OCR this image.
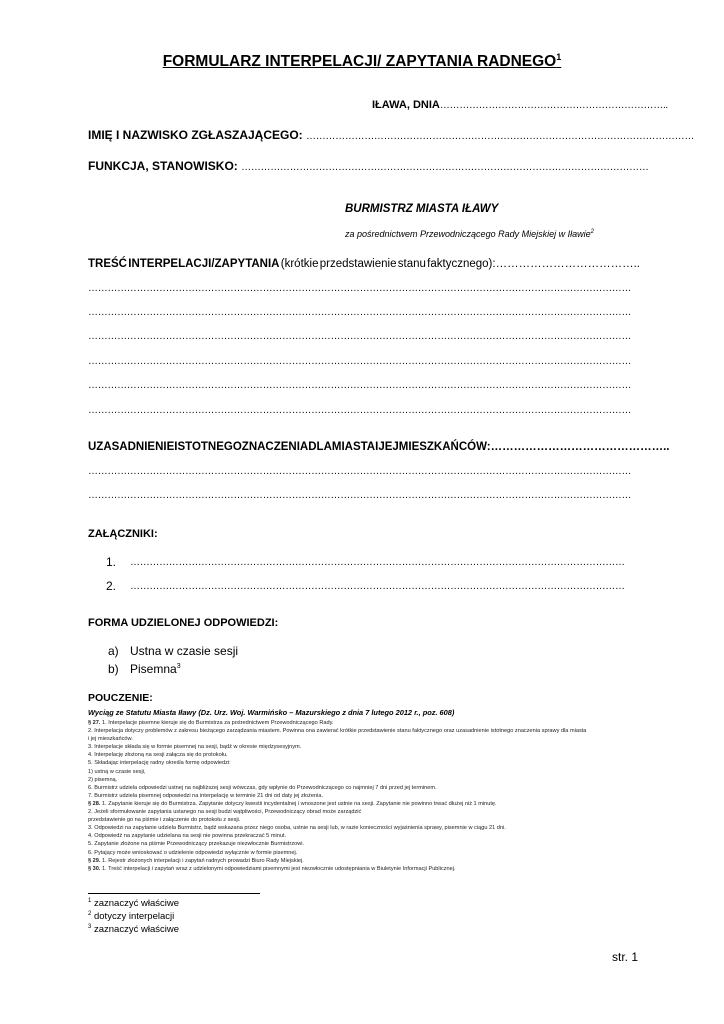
FORMULARZ INTERPELACJI/ ZAPYTANIA RADNEGO$^1$
IŁAWA, DNIA……………………………………………………………..
IMIĘ I NAZWISKO ZGŁASZAJĄCEGO: …………………………………………………………………………………………………………
FUNKCJA, STANOWISKO: ………………………………………………………………………………………………………………
BURMISTRZ MIASTA IŁAWY
za pośrednictwem Przewodniczącego Rady Miejskiej w Iławie$^2$
TREŚĆ INTERPELACJI/ZAPYTANIA (krótkie przedstawienie stanu faktycznego):………………………………..
……………………………………………………………………………………………………………………………………………………
……………………………………………………………………………………………………………………………………………………
……………………………………………………………………………………………………………………………………………………
……………………………………………………………………………………………………………………………………………………
……………………………………………………………………………………………………………………………………………………
……………………………………………………………………………………………………………………………………………………
UZASADNIENIE ISTOTNEGO ZNACZENIA DLA MIASTA I JEJ MIESZKAŃCÓW:………………………………………..
……………………………………………………………………………………………………………………………………………………
……………………………………………………………………………………………………………………………………………………
ZAŁĄCZNIKI:
1. ………………………………………………………………………………………………………………………………………
2. ………………………………………………………………………………………………………………………………………
FORMA UDZIELONEJ ODPOWIEDZI:
a) Ustna w czasie sesji
b) Pisemna$^3$
POUCZENIE:
Wyciąg ze Statutu Miasta Iławy (Dz. Urz. Woj. Warmińsko – Mazurskiego z dnia 7 lutego 2012 r., poz. 608)
§ 27. 1. Interpelacje pisemne kieruje się do Burmistrza za pośrednictwem Przewodniczącego Rady.
2. Interpelacja dotyczy problemów z zakresu bieżącego zarządzania miastem. Powinna ona zawierać krótkie przedstawienie stanu faktycznego oraz uzasadnienie istotnego znaczenia sprawy dla miasta
i jej mieszkańców.
3. Interpelacje składa się w formie pisemnej na sesji, bądź w okresie międzysesyjnym.
4. Interpelację złożoną na sesji załącza się do protokołu.
5. Składając interpelację radny określa formę odpowiedzi:
1) ustną w czasie sesji,
2) pisemną.
6. Burmistrz udziela odpowiedzi ustnej na najbliższej sesji wówczas, gdy wpłynie do Przewodniczącego co najmniej 7 dni przed jej terminem.
7. Burmistrz udziela pisemnej odpowiedzi na interpelację w terminie 21 dni od daty jej złożenia.
§ 28. 1. Zapytanie kieruje się do Burmistrza. Zapytanie dotyczy kwestii incydentalnej i wnoszone jest ustnie na sesji. Zapytanie nie powinno trwać dłużej niż 1 minutę.
2. Jeżeli sformułowanie zapytania ustanego na sesji budzi wątpliwości, Przewodniczący obrad może zarządzić
przedstawienie go na piśmie i załączenie do protokołu z sesji.
3. Odpowiedzi na zapytanie udziela Burmistrz, bądź wskazana przez niego osoba, ustnie na sesji lub, w razie konieczności wyjaśnienia sprawy, pisemnie w ciągu 21 dni.
4. Odpowiedź na zapytanie udzielana na sesji nie powinna przekraczać 5 minut.
5. Zapytanie złożone na piśmie Przewodniczący przekazuje niezwłocznie Burmistrzowi.
6. Pytający może wnioskować o udzielenie odpowiedzi wyłącznie w formie pisemnej.
§ 29. 1. Rejestr złożonych interpelacji i zapytań radnych prowadzi Biuro Rady Miejskiej.
§ 30. 1. Treść interpelacji i zapytań wraz z udzielonymi odpowiedziami pisemnymi jest niezwłocznie udostępniania w Biuletynie Informacji Publicznej.
$^1$ zaznaczyć właściwe
$^2$ dotyczy interpelacji
$^3$ zaznaczyć właściwe
str. 1
